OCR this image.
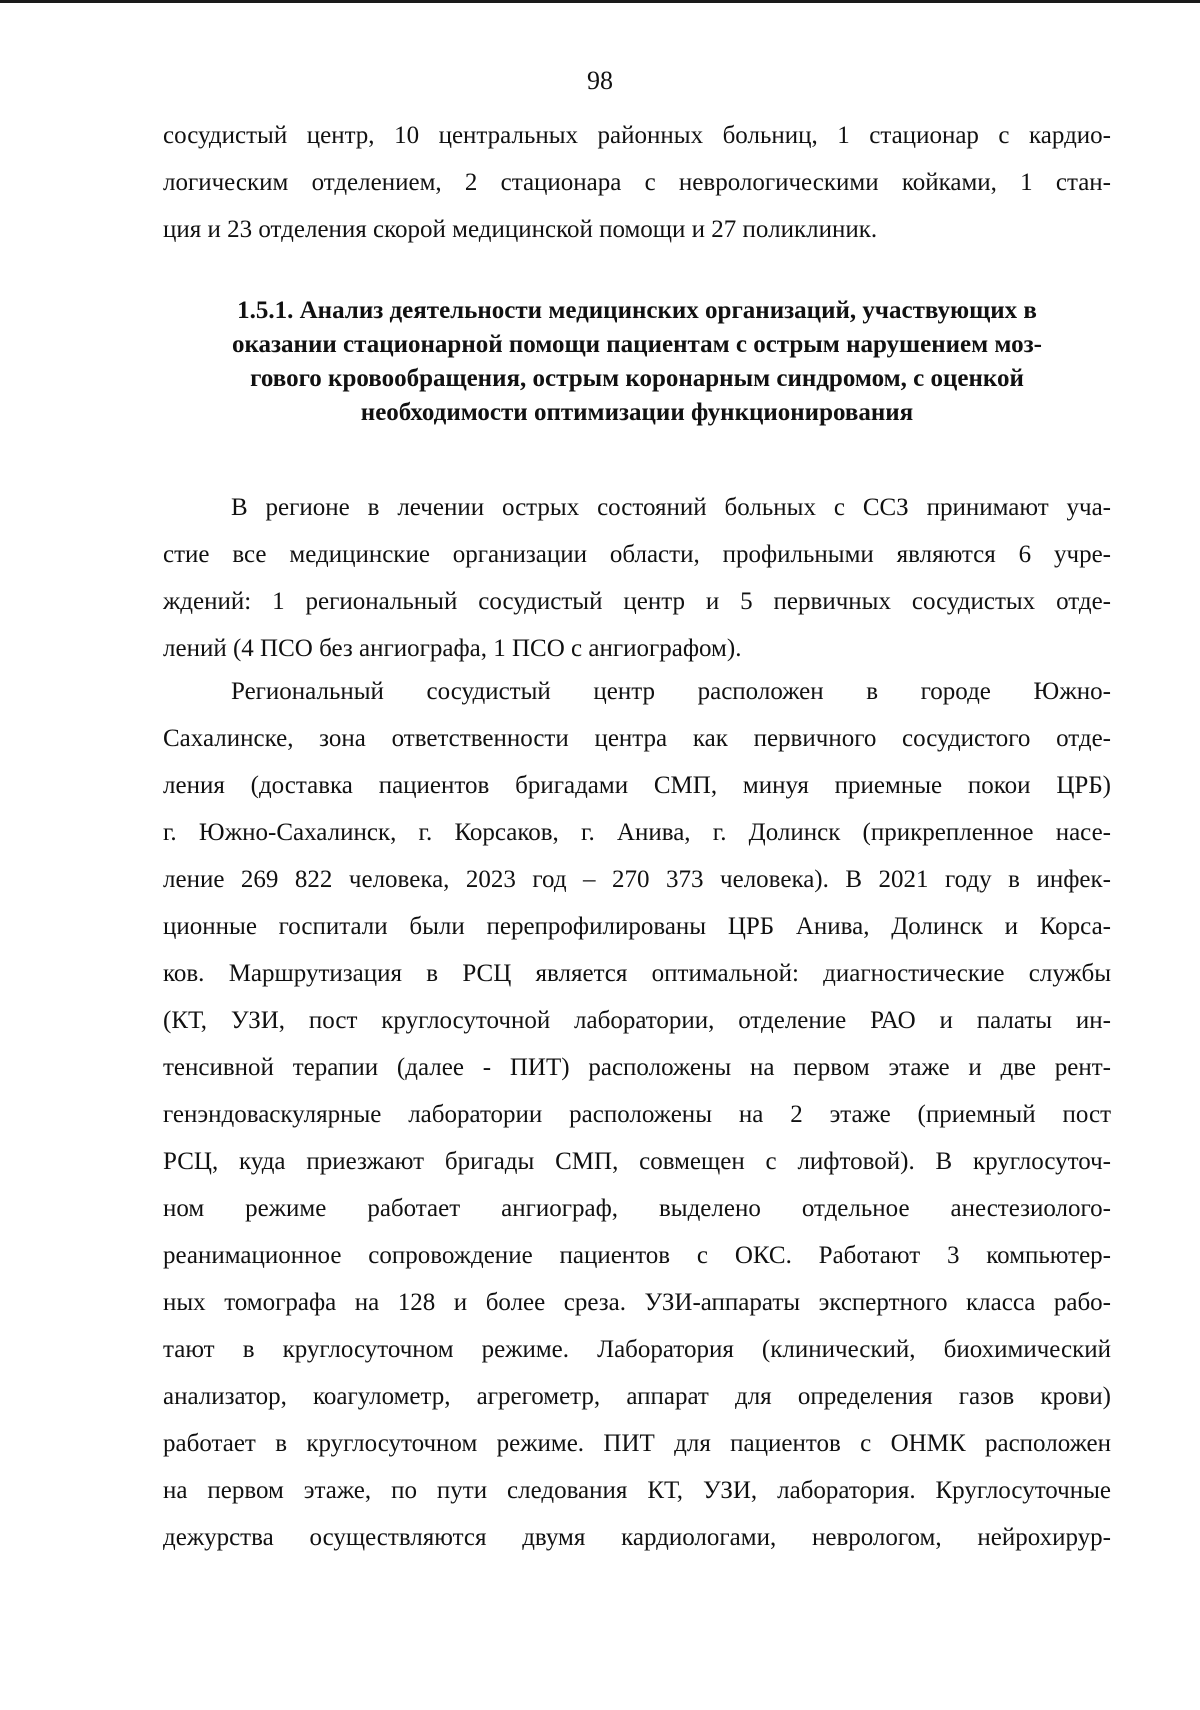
98
сосудистый центр, 10 центральных районных больниц, 1 стационар с кардио-
логическим отделением, 2 стационара с неврологическими койками, 1 стан-
ция и 23 отделения скорой медицинской помощи и 27 поликлиник.
1.5.1. Анализ деятельности медицинских организаций, участвующих в
оказании стационарной помощи пациентам с острым нарушением моз-
гового кровообращения, острым коронарным синдромом, с оценкой
необходимости оптимизации функционирования
В регионе в лечении острых состояний больных с ССЗ принимают уча-
стие все медицинские организации области, профильными являются 6 учре-
ждений: 1 региональный сосудистый центр и 5 первичных сосудистых отде-
лений (4 ПСО без ангиографа, 1 ПСО с ангиографом).
Региональный сосудистый центр расположен в городе Южно-
Сахалинске, зона ответственности центра как первичного сосудистого отде-
ления (доставка пациентов бригадами СМП, минуя приемные покои ЦРБ)
г. Южно-Сахалинск, г. Корсаков, г. Анива, г. Долинск (прикрепленное насе-
ление 269 822 человека, 2023 год – 270 373 человека). В 2021 году в инфек-
ционные госпитали были перепрофилированы ЦРБ Анива, Долинск и Корса-
ков. Маршрутизация в РСЦ является оптимальной: диагностические службы
(КТ, УЗИ, пост круглосуточной лаборатории, отделение РАО и палаты ин-
тенсивной терапии (далее - ПИТ) расположены на первом этаже и две рент-
генэндоваскулярные лаборатории расположены на 2 этаже (приемный пост
РСЦ, куда приезжают бригады СМП, совмещен с лифтовой). В круглосуточ-
ном режиме работает ангиограф, выделено отдельное анестезиолого-
реанимационное сопровождение пациентов с ОКС. Работают 3 компьютер-
ных томографа на 128 и более среза. УЗИ-аппараты экспертного класса рабо-
тают в круглосуточном режиме. Лаборатория (клинический, биохимический
анализатор, коагулометр, агрегометр, аппарат для определения газов крови)
работает в круглосуточном режиме. ПИТ для пациентов с ОНМК расположен
на первом этаже, по пути следования КТ, УЗИ, лаборатория. Круглосуточные
дежурства осуществляются двумя кардиологами, неврологом, нейрохирур-
